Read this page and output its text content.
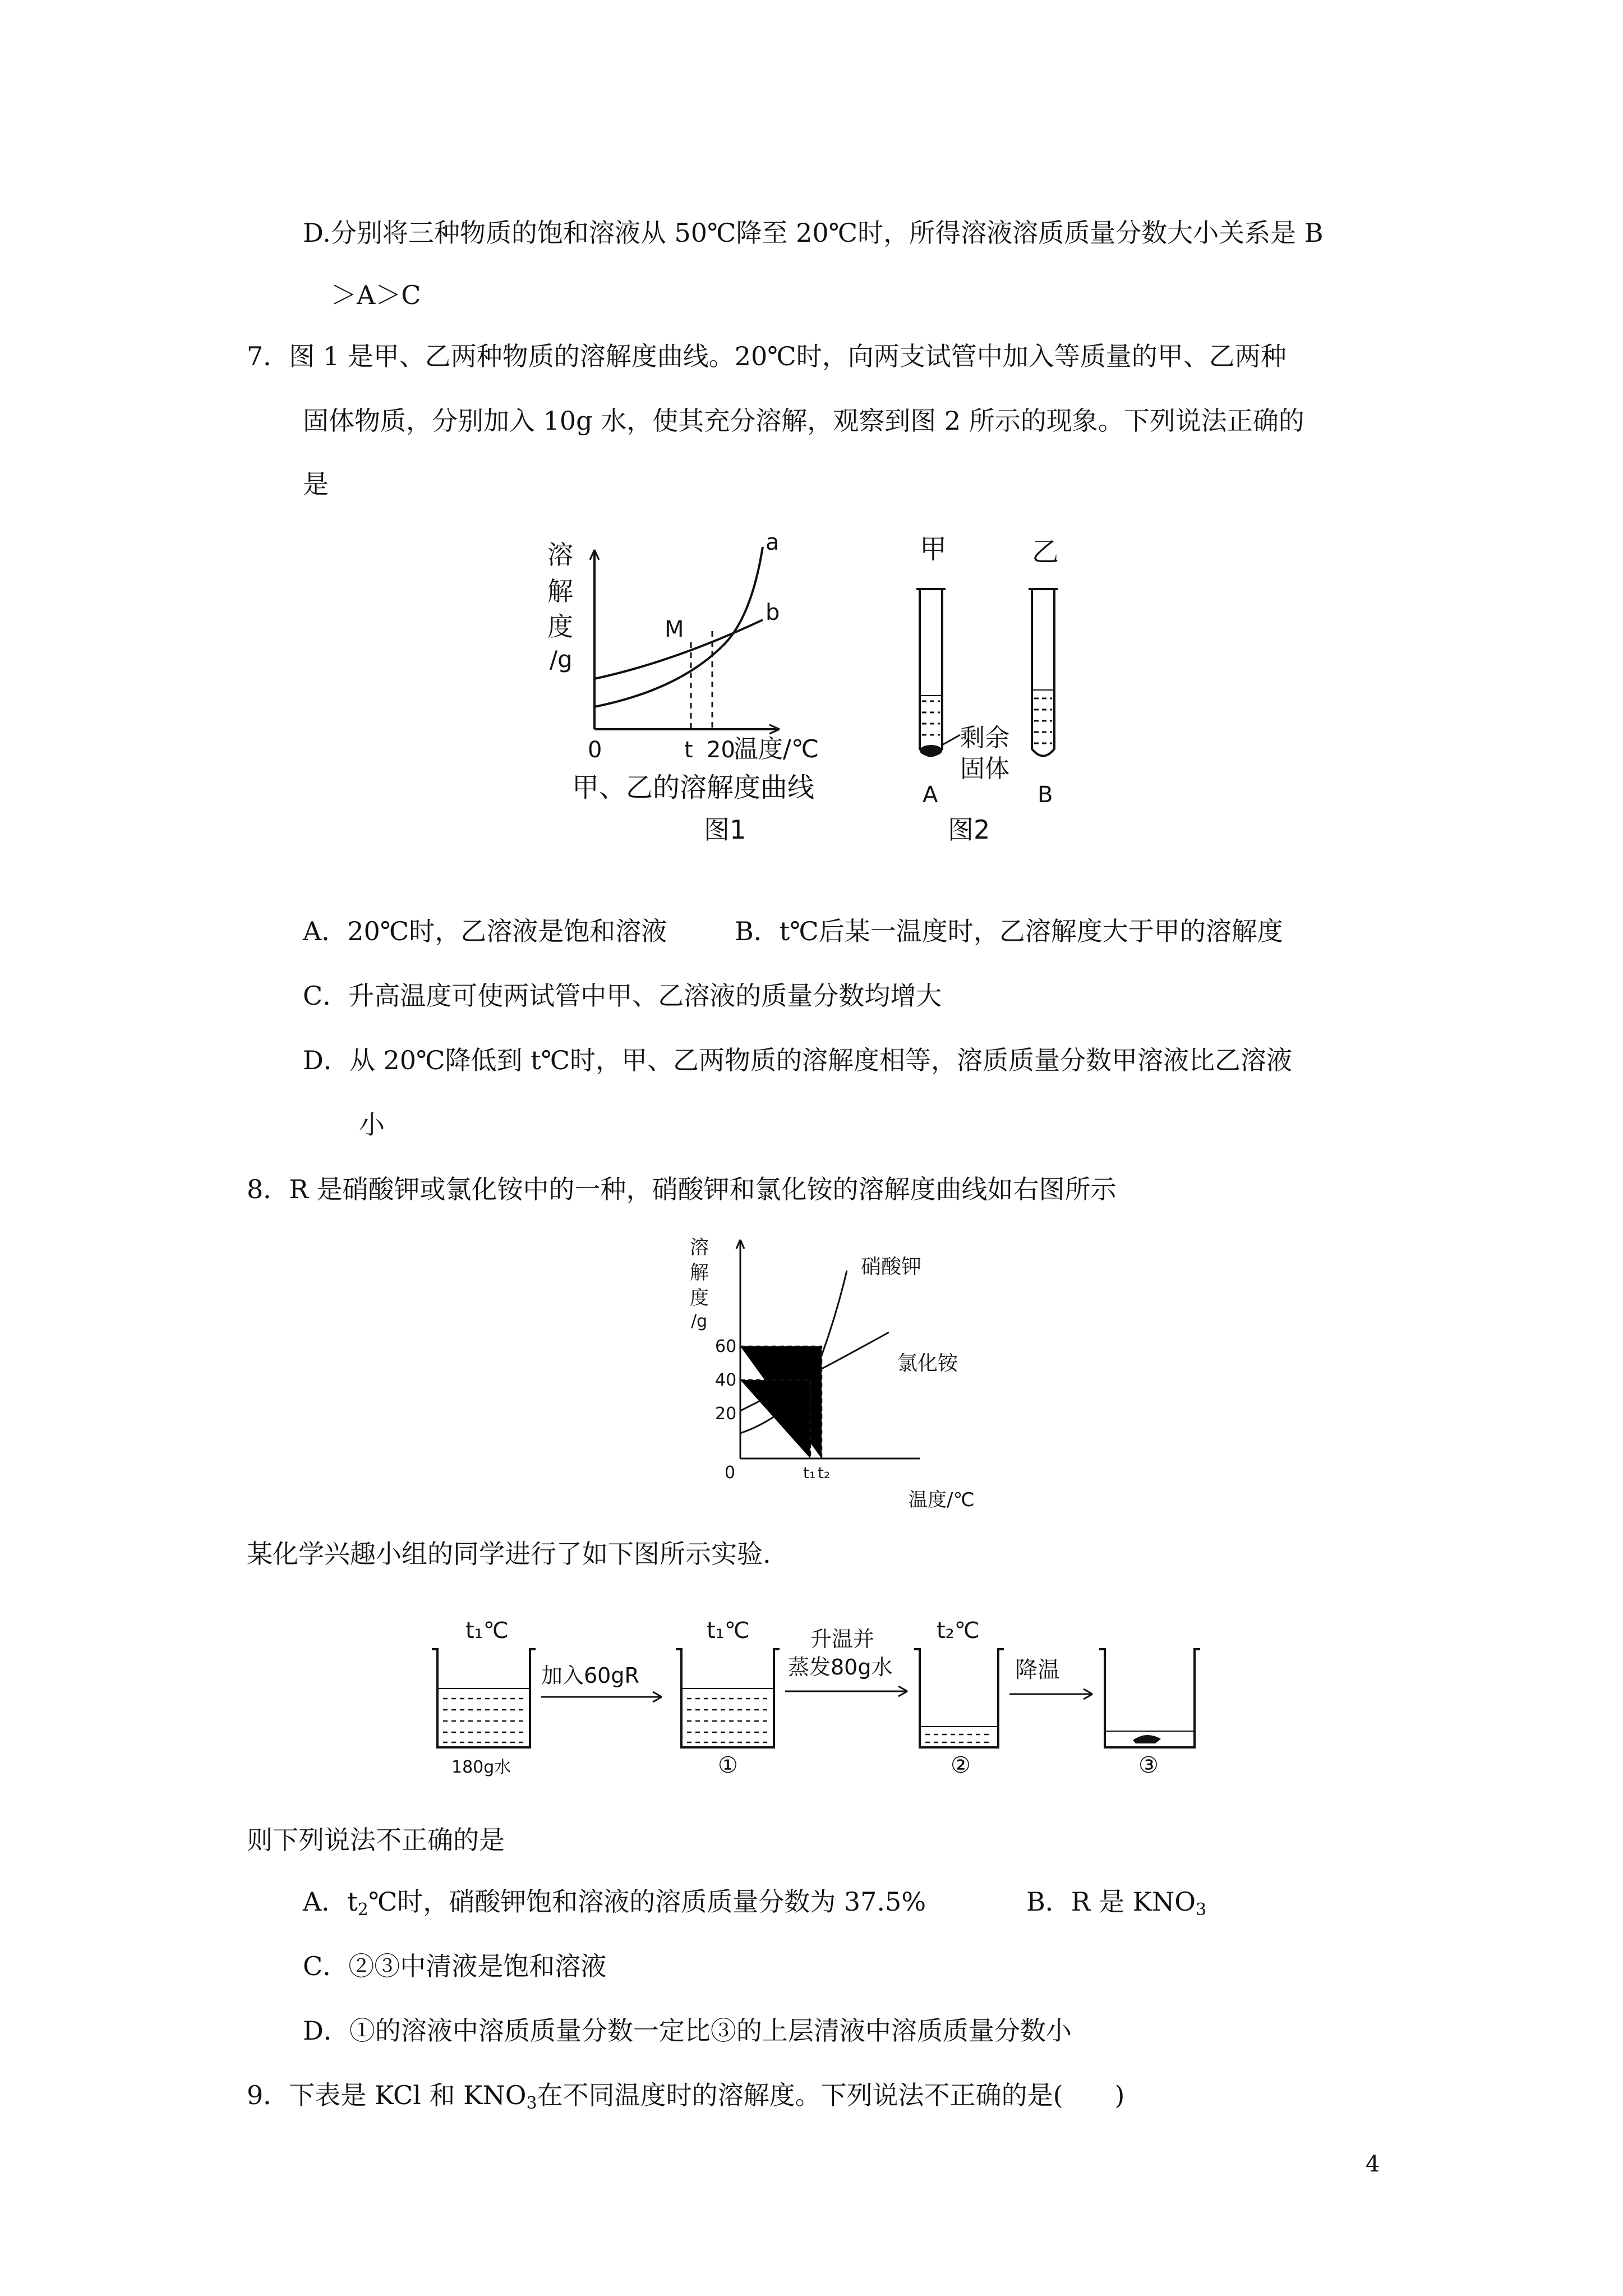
D.分别将三种物质的饱和溶液从 50℃降至 20℃时，所得溶液溶质质量分数大小关系是 B
＞A＞C
7．图 1 是甲、乙两种物质的溶解度曲线。20℃时，向两支试管中加入等质量的甲、乙两种
固体物质，分别加入 10g 水，使其充分溶解，观察到图 2 所示的现象。下列说法正确的
是
溶
解
度
/g
0	t 20
温度/℃
a
b
M
甲、乙的溶解度曲线
图1
甲	乙
剩余
固体
A	B
图2
A．20℃时，乙溶液是饱和溶液	B．t℃后某一温度时，乙溶解度大于甲的溶解度
C．升高温度可使两试管中甲、乙溶液的质量分数均增大
D．从 20℃降低到 t℃时，甲、乙两物质的溶解度相等，溶质质量分数甲溶液比乙溶液
小
8．R 是硝酸钾或氯化铵中的一种，硝酸钾和氯化铵的溶解度曲线如右图所示
溶
解
度
/g
60
40
20
0	t₁ t₂
温度/℃
硝酸钾
氯化铵
某化学兴趣小组的同学进行了如下图所示实验.
t₁℃	t₁℃	t₂℃
180g水
加入60gR
升温并
蒸发80g水	降温
①	②	③
则下列说法不正确的是
A．$t_2℃$时，硝酸钾饱和溶液的溶质质量分数为 37.5%	B．R 是 $KNO_3$
C．②③中清液是饱和溶液
D．①的溶液中溶质质量分数一定比③的上层清液中溶质质量分数小
9．下表是 KCl 和 $KNO_3$在不同温度时的溶解度。下列说法不正确的是(　　)
4
